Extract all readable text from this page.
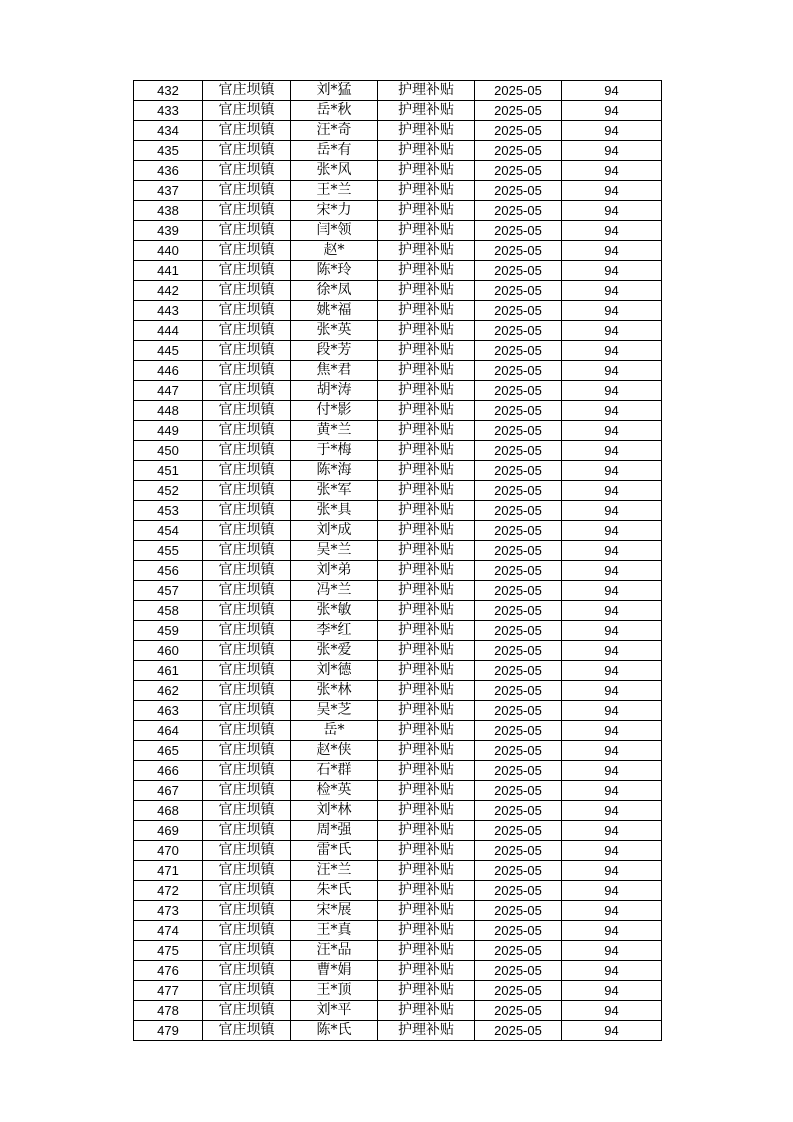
432	官庄坝镇	刘*猛	护理补贴	2025-05	94
433	官庄坝镇	岳*秋	护理补贴	2025-05	94
434	官庄坝镇	汪*奇	护理补贴	2025-05	94
435	官庄坝镇	岳*有	护理补贴	2025-05	94
436	官庄坝镇	张*风	护理补贴	2025-05	94
437	官庄坝镇	王*兰	护理补贴	2025-05	94
438	官庄坝镇	宋*力	护理补贴	2025-05	94
439	官庄坝镇	闫*领	护理补贴	2025-05	94
440	官庄坝镇	赵*	护理补贴	2025-05	94
441	官庄坝镇	陈*玲	护理补贴	2025-05	94
442	官庄坝镇	徐*凤	护理补贴	2025-05	94
443	官庄坝镇	姚*福	护理补贴	2025-05	94
444	官庄坝镇	张*英	护理补贴	2025-05	94
445	官庄坝镇	段*芳	护理补贴	2025-05	94
446	官庄坝镇	焦*君	护理补贴	2025-05	94
447	官庄坝镇	胡*涛	护理补贴	2025-05	94
448	官庄坝镇	付*影	护理补贴	2025-05	94
449	官庄坝镇	黄*兰	护理补贴	2025-05	94
450	官庄坝镇	于*梅	护理补贴	2025-05	94
451	官庄坝镇	陈*海	护理补贴	2025-05	94
452	官庄坝镇	张*军	护理补贴	2025-05	94
453	官庄坝镇	张*具	护理补贴	2025-05	94
454	官庄坝镇	刘*成	护理补贴	2025-05	94
455	官庄坝镇	吴*兰	护理补贴	2025-05	94
456	官庄坝镇	刘*弟	护理补贴	2025-05	94
457	官庄坝镇	冯*兰	护理补贴	2025-05	94
458	官庄坝镇	张*敏	护理补贴	2025-05	94
459	官庄坝镇	李*红	护理补贴	2025-05	94
460	官庄坝镇	张*爱	护理补贴	2025-05	94
461	官庄坝镇	刘*德	护理补贴	2025-05	94
462	官庄坝镇	张*林	护理补贴	2025-05	94
463	官庄坝镇	吴*芝	护理补贴	2025-05	94
464	官庄坝镇	岳*	护理补贴	2025-05	94
465	官庄坝镇	赵*侠	护理补贴	2025-05	94
466	官庄坝镇	石*群	护理补贴	2025-05	94
467	官庄坝镇	检*英	护理补贴	2025-05	94
468	官庄坝镇	刘*林	护理补贴	2025-05	94
469	官庄坝镇	周*强	护理补贴	2025-05	94
470	官庄坝镇	雷*氏	护理补贴	2025-05	94
471	官庄坝镇	汪*兰	护理补贴	2025-05	94
472	官庄坝镇	朱*氏	护理补贴	2025-05	94
473	官庄坝镇	宋*展	护理补贴	2025-05	94
474	官庄坝镇	王*真	护理补贴	2025-05	94
475	官庄坝镇	汪*品	护理补贴	2025-05	94
476	官庄坝镇	曹*娟	护理补贴	2025-05	94
477	官庄坝镇	王*顶	护理补贴	2025-05	94
478	官庄坝镇	刘*平	护理补贴	2025-05	94
479	官庄坝镇	陈*氏	护理补贴	2025-05	94
